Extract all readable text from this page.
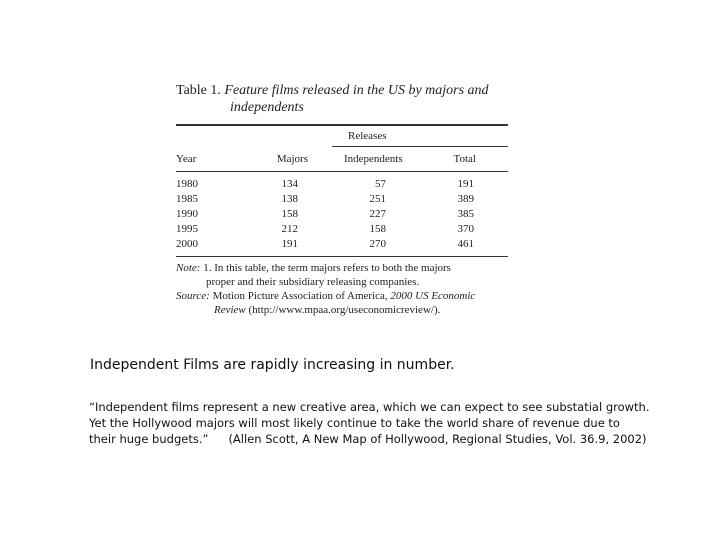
Table 1. Feature films released in the US by majors and
independents
Releases
Year	Majors	Independents	Total
1980	134	57	191
1985	138	251	389
1990	158	227	385
1995	212	158	370
2000	191	270	461
Note: 1. In this table, the term majors refers to both the majors
proper and their subsidiary releasing companies.
Source: Motion Picture Association of America, 2000 US Economic
Review (http://www.mpaa.org/useconomicreview/).
Independent Films are rapidly increasing in number.
“Independent films represent a new creative area, which we can expect to see substatial growth.
Yet the Hollywood majors will most likely continue to take the world share of revenue due to
their huge budgets.” (Allen Scott, A New Map of Hollywood, Regional Studies, Vol. 36.9, 2002)
